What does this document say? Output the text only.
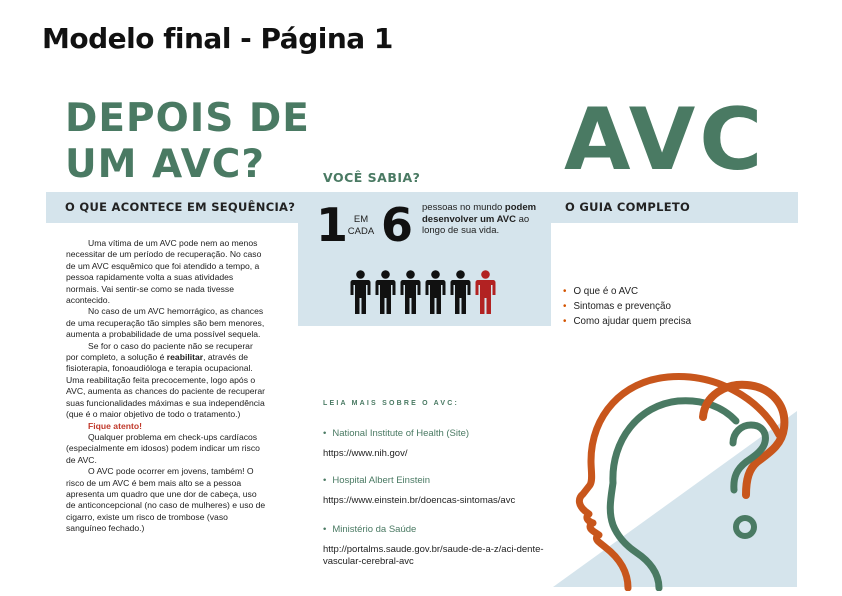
Modelo final - Página 1
DEPOIS DE
UM AVC?
O QUE ACONTECE EM SEQUÊNCIA?

Uma vítima de um AVC pode nem ao menos necessitar de um período de recuperação. No caso de um AVC esquêmico que foi atendido a tempo, a pessoa rapidamente volta a suas atividades normais. Vai sentir-se como se nada tivesse acontecido.

No caso de um AVC hemorrágico, as chances de uma recuperação tão simples são bem menores, aumenta a probabilidade de uma possível sequela.

Se for o caso do paciente não se recuperar por completo, a solução é reabilitar, através de fisioterapia, fonoaudióloga e terapia ocupacional. Uma reabilitação feita precocemente, logo após o AVC, aumenta as chances do paciente de recuperar suas funcionalidades máximas e sua independência (que é o maior objetivo de todo o tratamento.)

Fique atento!

Qualquer problema em check-ups cardíacos (especialmente em idosos) podem indicar um risco de AVC.

O AVC pode ocorrer em jovens, também! O risco de um AVC é bem mais alto se a pessoa apresenta um quadro que une dor de cabeça, uso de anticoncepcional (no caso de mulheres) e uso de cigarro, existe um risco de trombose (vaso sanguíneo fechado.)

VOCÊ SABIA?
1 EM
CADA 6 pessoas no mundo podem desenvolver um AVC ao longo de sua vida.
AVC
O GUIA COMPLETO
• O que é o AVC
• Sintomas e prevenção
• Como ajudar quem precisa
LEIA MAIS SOBRE O AVC:
• National Institute of Health (Site)
https://www.nih.gov/
• Hospital Albert Einstein
https://www.einstein.br/doencas-sintomas/avc
• Ministério da Saúde
http://portalms.saude.gov.br/saude-de-a-z/aci-dente-vascular-cerebral-avc
